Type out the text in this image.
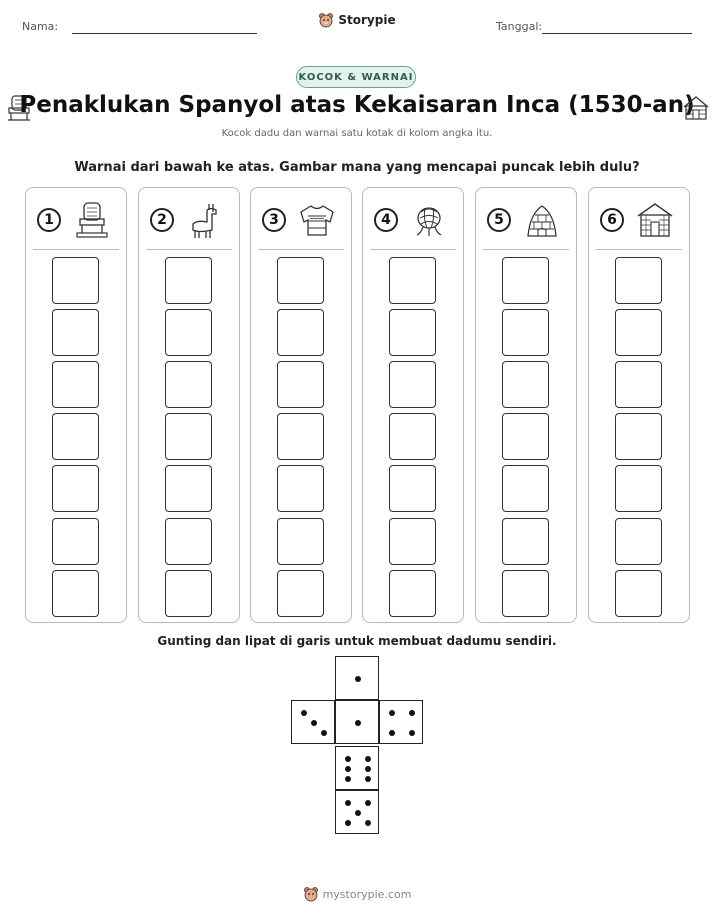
Nama:	Storypie	Tanggal:
KOCOK & WARNAI
Penaklukan Spanyol atas Kekaisaran Inca (1530-an)
Kocok dadu dan warnai satu kotak di kolom angka itu.
Warnai dari bawah ke atas. Gambar mana yang mencapai puncak lebih dulu?
1	2	3	4	5	6
Gunting dan lipat di garis untuk membuat dadumu sendiri.
mystorypie.com
